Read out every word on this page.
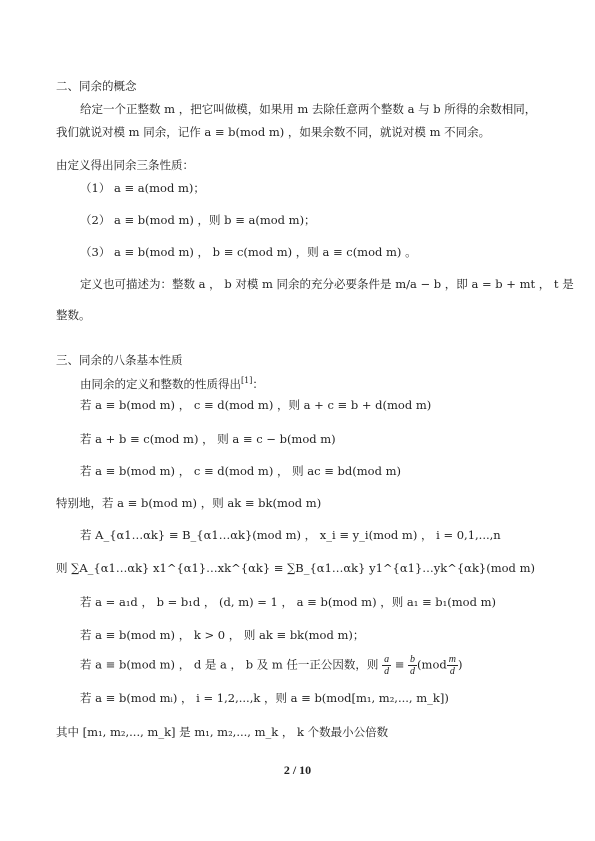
二、同余的概念
给定一个正整数 m ，把它叫做模，如果用 m 去除任意两个整数 a 与 b 所得的余数相同，
我们就说对模 m 同余，记作 a ≡ b(mod m) ，如果余数不同，就说对模 m 不同余。
由定义得出同余三条性质：
（1） a ≡ a(mod m)；
（2） a ≡ b(mod m) ，则 b ≡ a(mod m)；
（3） a ≡ b(mod m) ， b ≡ c(mod m) ，则 a ≡ c(mod m) 。
定义也可描述为：整数 a ， b 对模 m 同余的充分必要条件是 m/a − b ，即 a = b + mt ， t 是
整数。
三、同余的八条基本性质
由同余的定义和整数的性质得出[1]：
若 a ≡ b(mod m) ， c ≡ d(mod m) ，则 a + c ≡ b + d(mod m)
若 a + b ≡ c(mod m) ， 则 a ≡ c − b(mod m)
若 a ≡ b(mod m) ， c ≡ d(mod m) ， 则 ac ≡ bd(mod m)
特别地，若 a ≡ b(mod m) ，则 ak ≡ bk(mod m)
若 A_{α1…αk} ≡ B_{α1…αk}(mod m) ， x_i ≡ y_i(mod m) ， i = 0,1,...,n
则 ∑A_{α1…αk} x1^{α1}…xk^{αk} ≡ ∑B_{α1…αk} y1^{α1}…yk^{αk}(mod m)
若 a = a₁d ， b = b₁d ， (d, m) = 1 ， a ≡ b(mod m) ，则 a₁ ≡ b₁(mod m)
若 a ≡ b(mod m) ， k > 0 ， 则 ak ≡ bk(mod m)；
若 a ≡ b(mod m) ， d 是 a ， b 及 m 任一正公因数，则 $\frac{a}{d} \equiv \frac{b}{d} (mod \frac{m}{d}$ )
若 a ≡ b(mod mᵢ) ， i = 1,2,...,k ，则 a ≡ b(mod[m₁, m₂,..., m_k])
其中 [m₁, m₂,..., m_k] 是 m₁, m₂,..., m_k ， k 个数最小公倍数
2 / 10
